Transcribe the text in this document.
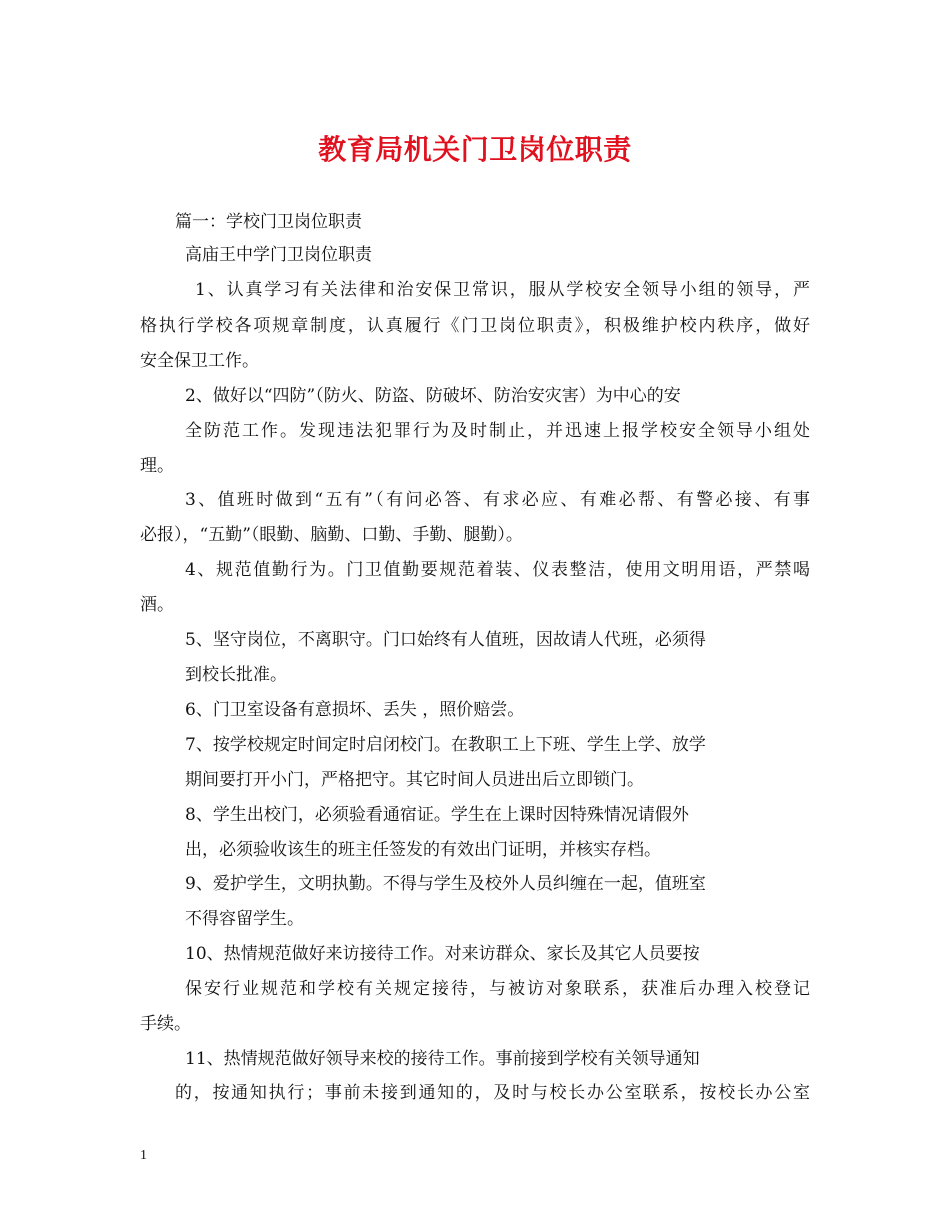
教育局机关门卫岗位职责
篇一：学校门卫岗位职责
高庙王中学门卫岗位职责
1、认真学习有关法律和治安保卫常识，服从学校安全领导小组的领导，严
格执行学校各项规章制度，认真履行《门卫岗位职责》，积极维护校内秩序，做好
安全保卫工作。
2、做好以“四防”（防火、防盗、防破坏、防治安灾害）为中心的安
全防范工作。发现违法犯罪行为及时制止，并迅速上报学校安全领导小组处
理。
3、值班时做到“五有”（有问必答、有求必应、有难必帮、有警必接、有事
必报），“五勤”（眼勤、脑勤、口勤、手勤、腿勤）。
4、规范值勤行为。门卫值勤要规范着装、仪表整洁，使用文明用语，严禁喝
酒。
5、坚守岗位，不离职守。门口始终有人值班，因故请人代班，必须得
到校长批准。
6、门卫室设备有意损坏、丢失 ，照价赔尝。
7、按学校规定时间定时启闭校门。在教职工上下班、学生上学、放学
期间要打开小门，严格把守。其它时间人员进出后立即锁门。
8、学生出校门，必须验看通宿证。学生在上课时因特殊情况请假外
出，必须验收该生的班主任签发的有效出门证明，并核实存档。
9、爱护学生，文明执勤。不得与学生及校外人员纠缠在一起，值班室
不得容留学生。
10、热情规范做好来访接待工作。对来访群众、家长及其它人员要按
保安行业规范和学校有关规定接待，与被访对象联系，获准后办理入校登记
手续。
11、热情规范做好领导来校的接待工作。事前接到学校有关领导通知
的，按通知执行；事前未接到通知的，及时与校长办公室联系，按校长办公室
1
